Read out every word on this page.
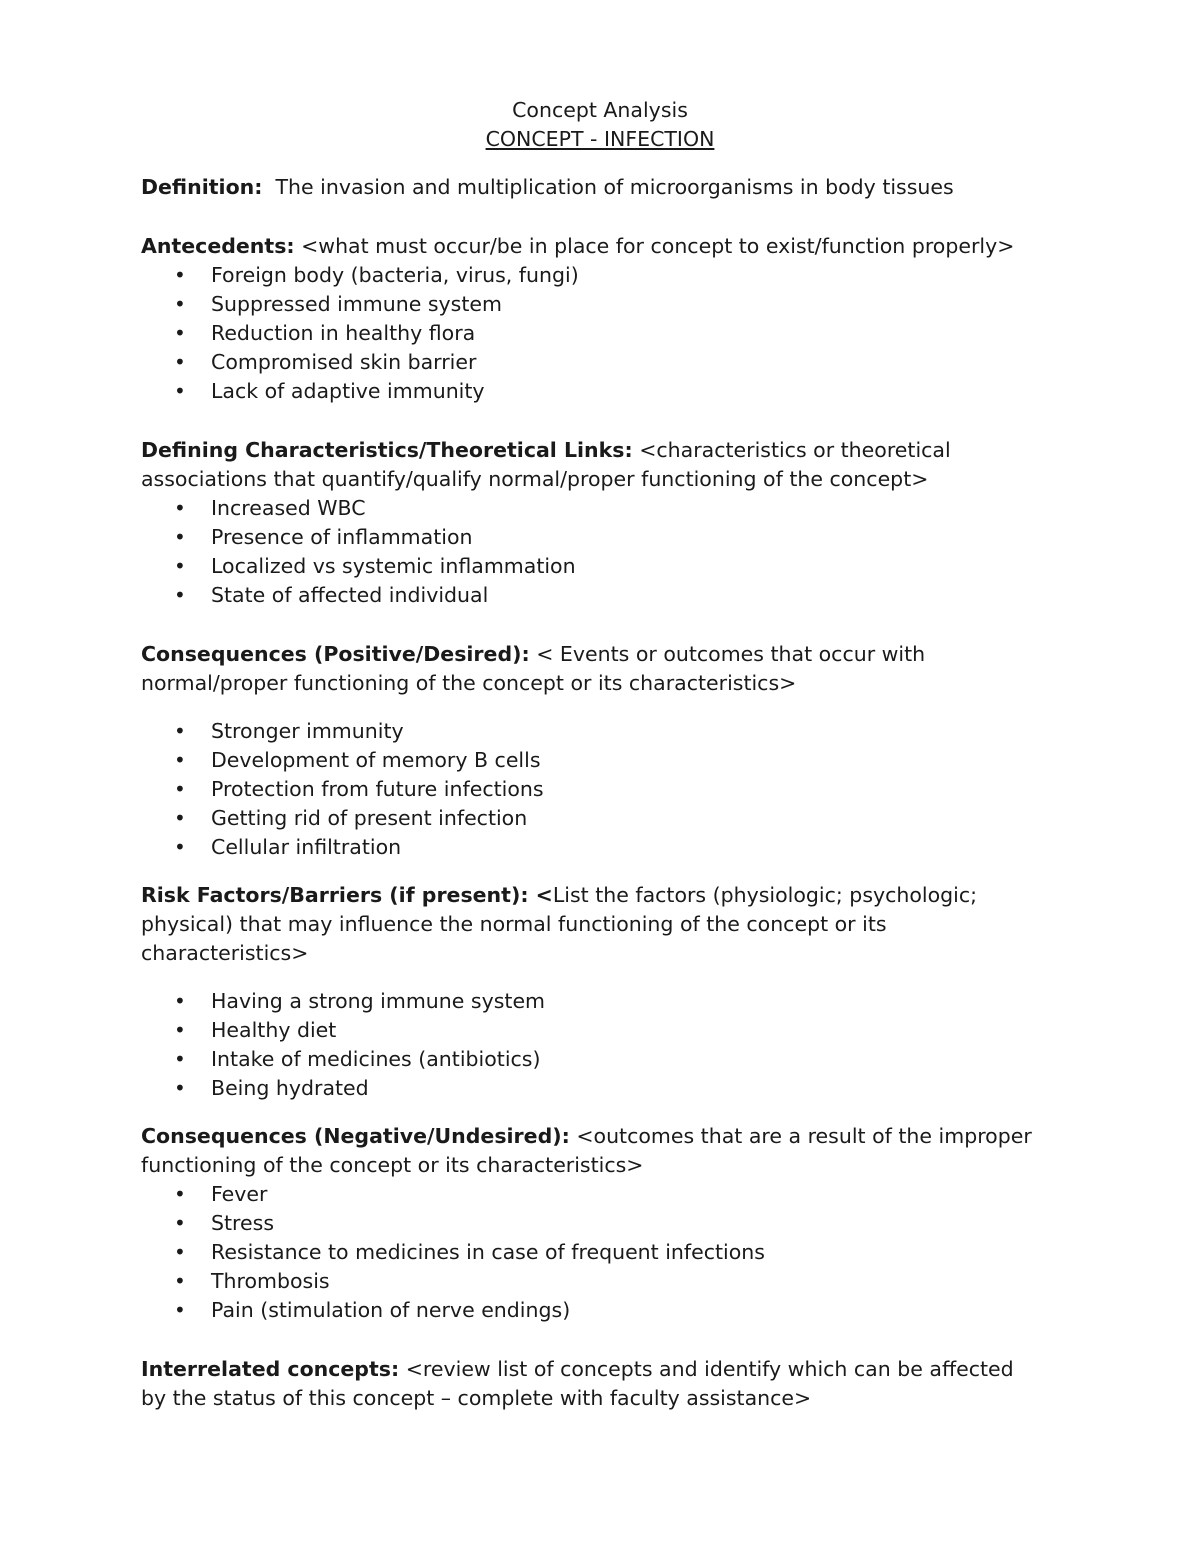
Concept Analysis
CONCEPT - INFECTION

Definition: The invasion and multiplication of microorganisms in body tissues

Antecedents: <what must occur/be in place for concept to exist/function properly>

• Foreign body (bacteria, virus, fungi)
• Suppressed immune system
• Reduction in healthy flora
• Compromised skin barrier
• Lack of adaptive immunity

Defining Characteristics/Theoretical Links: <characteristics or theoretical associations that quantify/qualify normal/proper functioning of the concept>

• Increased WBC
• Presence of inflammation
• Localized vs systemic inflammation
• State of affected individual

Consequences (Positive/Desired): < Events or outcomes that occur with normal/proper functioning of the concept or its characteristics>

• Stronger immunity
• Development of memory B cells
• Protection from future infections
• Getting rid of present infection
• Cellular infiltration

Risk Factors/Barriers (if present): <List the factors (physiologic; psychologic; physical) that may influence the normal functioning of the concept or its characteristics>

• Having a strong immune system
• Healthy diet
• Intake of medicines (antibiotics)
• Being hydrated

Consequences (Negative/Undesired): <outcomes that are a result of the improper functioning of the concept or its characteristics>

• Fever
• Stress
• Resistance to medicines in case of frequent infections
• Thrombosis
• Pain (stimulation of nerve endings)

Interrelated concepts: <review list of concepts and identify which can be affected by the status of this concept – complete with faculty assistance>
